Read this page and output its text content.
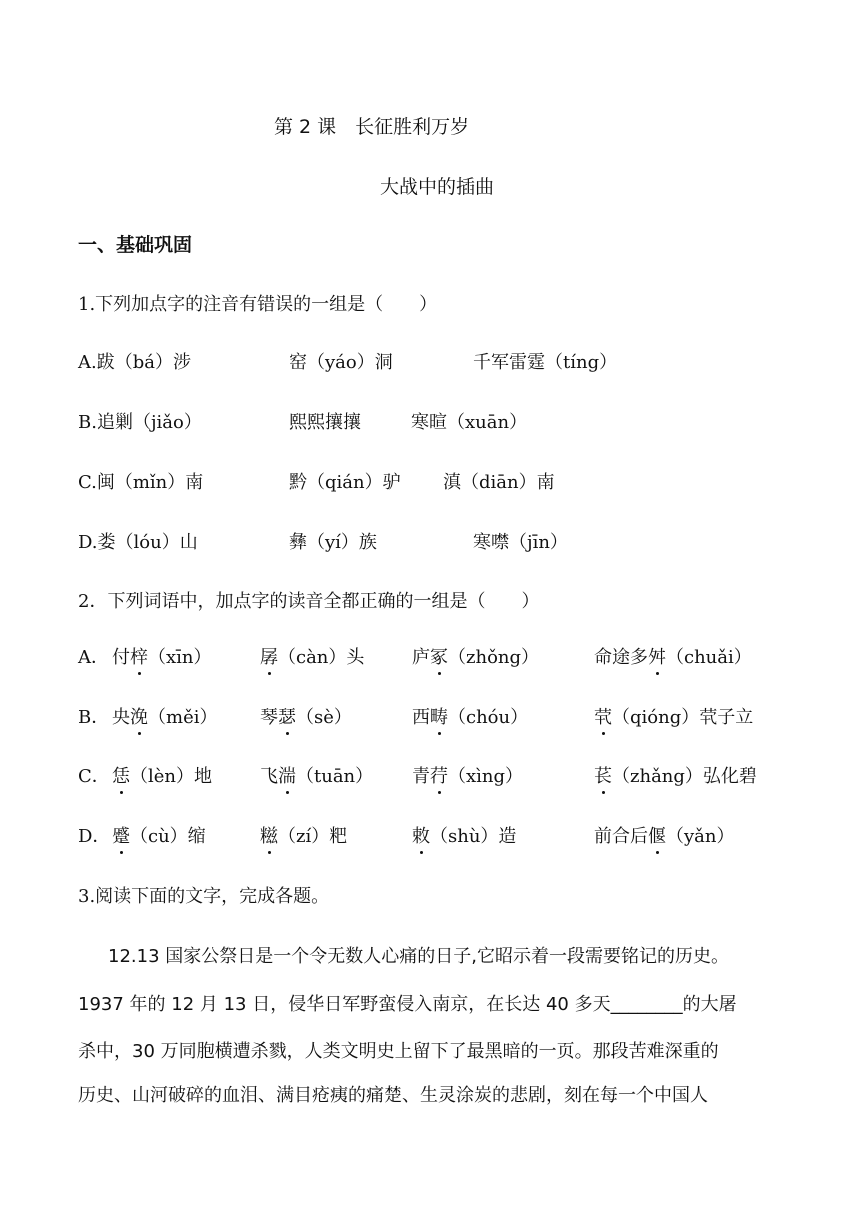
第 2 课　长征胜利万岁
大战中的插曲
一、基础巩固
1.下列加点字的注音有错误的一组是（　　）
A.跋（bá）涉	窑（yáo）洞	千军雷霆（tíng）
B.追剿（jiǎo）	熙熙攘攘	寒暄（xuān）
C.闽（mǐn）南	黔（qián）驴 滇（diān）南
D.娄（lóu）山	彝（yí）族	寒噤（jīn）
2．下列词语中，加点字的读音全都正确的一组是（　　）
A． 付梓（xīn）	孱（càn）头	庐冢（zhǒng）	命途多舛（chuǎi）
B． 央浼（měi） 琴瑟（sè）	西畴（chóu）	茕（qióng）茕子立
C． 恁（lèn）地	飞湍（tuān） 青荇（xìng）	苌（zhǎng）弘化碧
D． 蹙（cù）缩	糍（zí）粑	敕（shù）造	前合后偃（yǎn）
3.阅读下面的文字，完成各题。
12.13 国家公祭日是一个令无数人心痛的日子,它昭示着一段需要铭记的历史。
1937 年的 12 月 13 日，侵华日军野蛮侵入南京，在长达 40 多天________的大屠
杀中，30 万同胞横遭杀戮，人类文明史上留下了最黑暗的一页。那段苦难深重的
历史、山河破碎的血泪、满目疮痍的痛楚、生灵涂炭的悲剧，刻在每一个中国人
